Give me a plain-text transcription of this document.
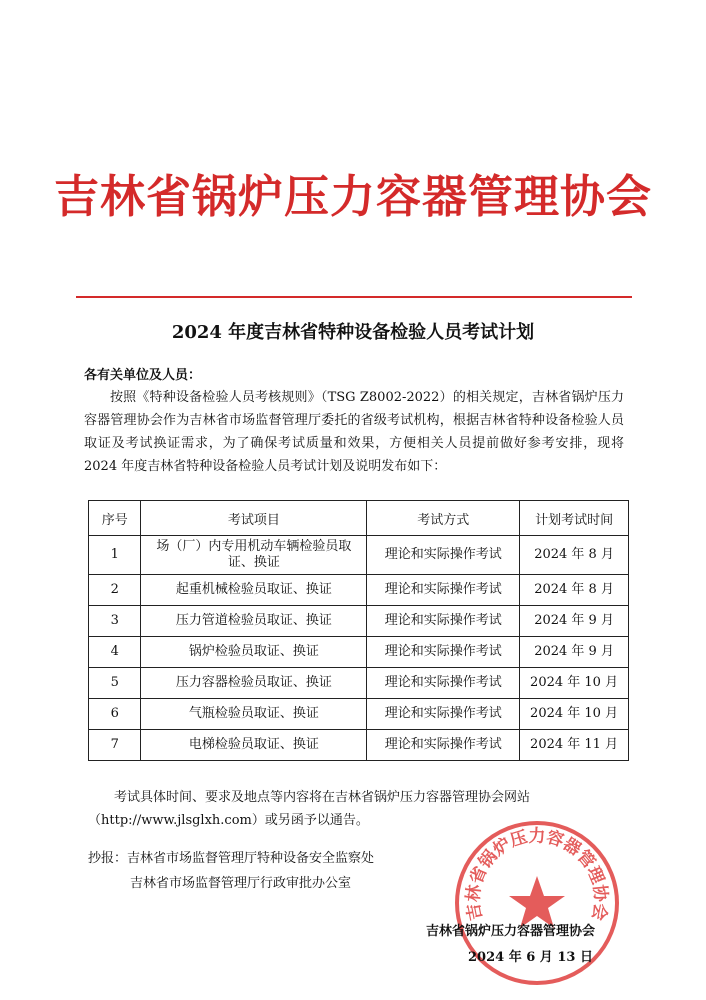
吉林省锅炉压力容器管理协会
2024 年度吉林省特种设备检验人员考试计划
各有关单位及人员：
按照《特种设备检验人员考核规则》（TSG Z8002-2022）的相关规定，吉林省锅炉压力容器管理协会作为吉林省市场监督管理厅委托的省级考试机构，根据吉林省特种设备检验人员取证及考试换证需求，为了确保考试质量和效果，方便相关人员提前做好参考安排，现将 2024 年度吉林省特种设备检验人员考试计划及说明发布如下：
序号	考试项目	考试方式	计划考试时间
1	场（厂）内专用机动车辆检验员取证、换证	理论和实际操作考试	2024 年 8 月
2	起重机械检验员取证、换证	理论和实际操作考试	2024 年 8 月
3	压力管道检验员取证、换证	理论和实际操作考试	2024 年 9 月
4	锅炉检验员取证、换证	理论和实际操作考试	2024 年 9 月
5	压力容器检验员取证、换证	理论和实际操作考试	2024 年 10 月
6	气瓶检验员取证、换证	理论和实际操作考试	2024 年 10 月
7	电梯检验员取证、换证	理论和实际操作考试	2024 年 11 月
考试具体时间、要求及地点等内容将在吉林省锅炉压力容器管理协会网站（http://www.jlsglxh.com）或另函予以通告。
抄报：吉林省市场监督管理厅特种设备安全监察处
吉林省市场监督管理厅行政审批办公室
吉林省锅炉压力容器管理协会
吉林省锅炉压力容器管理协会
2024 年 6 月 13 日
